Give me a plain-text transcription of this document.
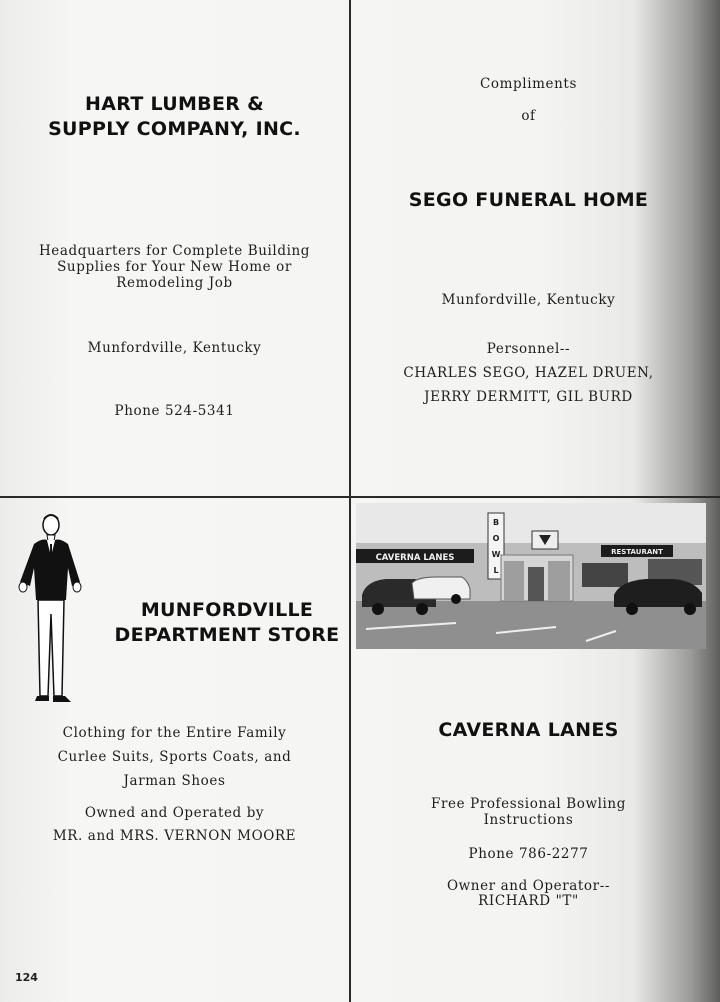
HART LUMBER &
SUPPLY COMPANY, INC.
Headquarters for Complete Building
Supplies for Your New Home or
Remodeling Job
Munfordville, Kentucky
Phone 524-5341
Compliments
of
SEGO FUNERAL HOME
Munfordville, Kentucky
Personnel--
CHARLES SEGO, HAZEL DRUEN,
JERRY DERMITT, GIL BURD
MUNFORDVILLE
DEPARTMENT STORE
Clothing for the Entire Family
Curlee Suits, Sports Coats, and
Jarman Shoes
Owned and Operated by
MR. and MRS. VERNON MOORE
CAVERNA LANES
B
O
W
L
RESTAURANT
CAVERNA LANES
Free Professional Bowling
Instructions
Phone 786-2277
Owner and Operator--
RICHARD "T"
124
